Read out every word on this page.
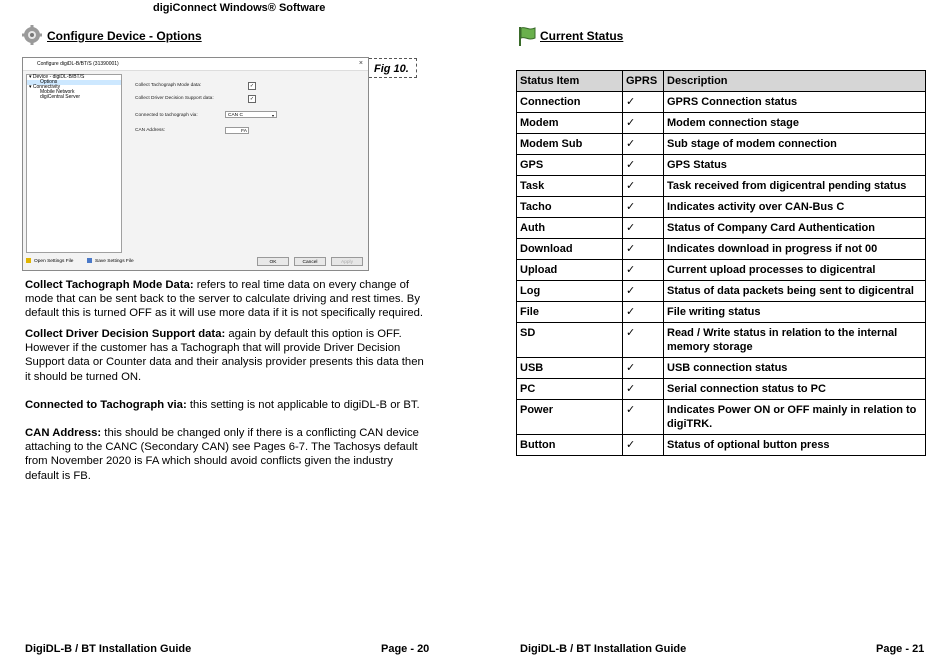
digiConnect Windows® Software
Configure Device - Options
Configure digiDL-B/BT/S (31390001)	×
▾ Device - digiDL-B/BT/S
Options
▾ Connectivity
Mobile Network
digiCentral Server
Collect Tachograph Mode data:	✓
Collect Driver Decision Support data:	✓
Connected to tachograph via:	CAN C	▾
CAN Address:	FA
Open Settings File	Save Settings File	OK	Cancel	Apply
Fig 10.
Collect Tachograph Mode Data: refers to real time data on every change of mode that can be sent back to the server to calculate driving and rest times. By default this is turned OFF as it will use more data if it is not specifically required.
Collect Driver Decision Support data: again by default this option is OFF. However if the customer has a Tachograph that will provide Driver Decision Support data or Counter data and their analysis provider presents this data then it should be turned ON.
Connected to Tachograph via: this setting is not applicable to digiDL-B or BT.
CAN Address: this should be changed only if there is a conflicting CAN device attaching to the CANC (Secondary CAN) see Pages 6-7. The Tachosys default from November 2020 is FA which should avoid conflicts given the industry default is FB.
DigiDL-B / BT Installation Guide	Page - 20
Current Status
Status Item	GPRS	Description
Connection	✓	GPRS Connection status
Modem	✓	Modem connection stage
Modem Sub	✓	Sub stage of modem connection
GPS	✓	GPS Status
Task	✓	Task received from digicentral pending status
Tacho	✓	Indicates activity over CAN-Bus C
Auth	✓	Status of Company Card Authentication
Download	✓	Indicates download in progress if not 00
Upload	✓	Current upload processes to digicentral
Log	✓	Status of data packets being sent to digicentral
File	✓	File writing status
SD	✓	Read / Write status in relation to the internal memory storage
USB	✓	USB connection status
PC	✓	Serial connection status to PC
Power	✓	Indicates Power ON or OFF mainly in relation to digiTRK.
Button	✓	Status of optional button press
DigiDL-B / BT Installation Guide	Page - 21
